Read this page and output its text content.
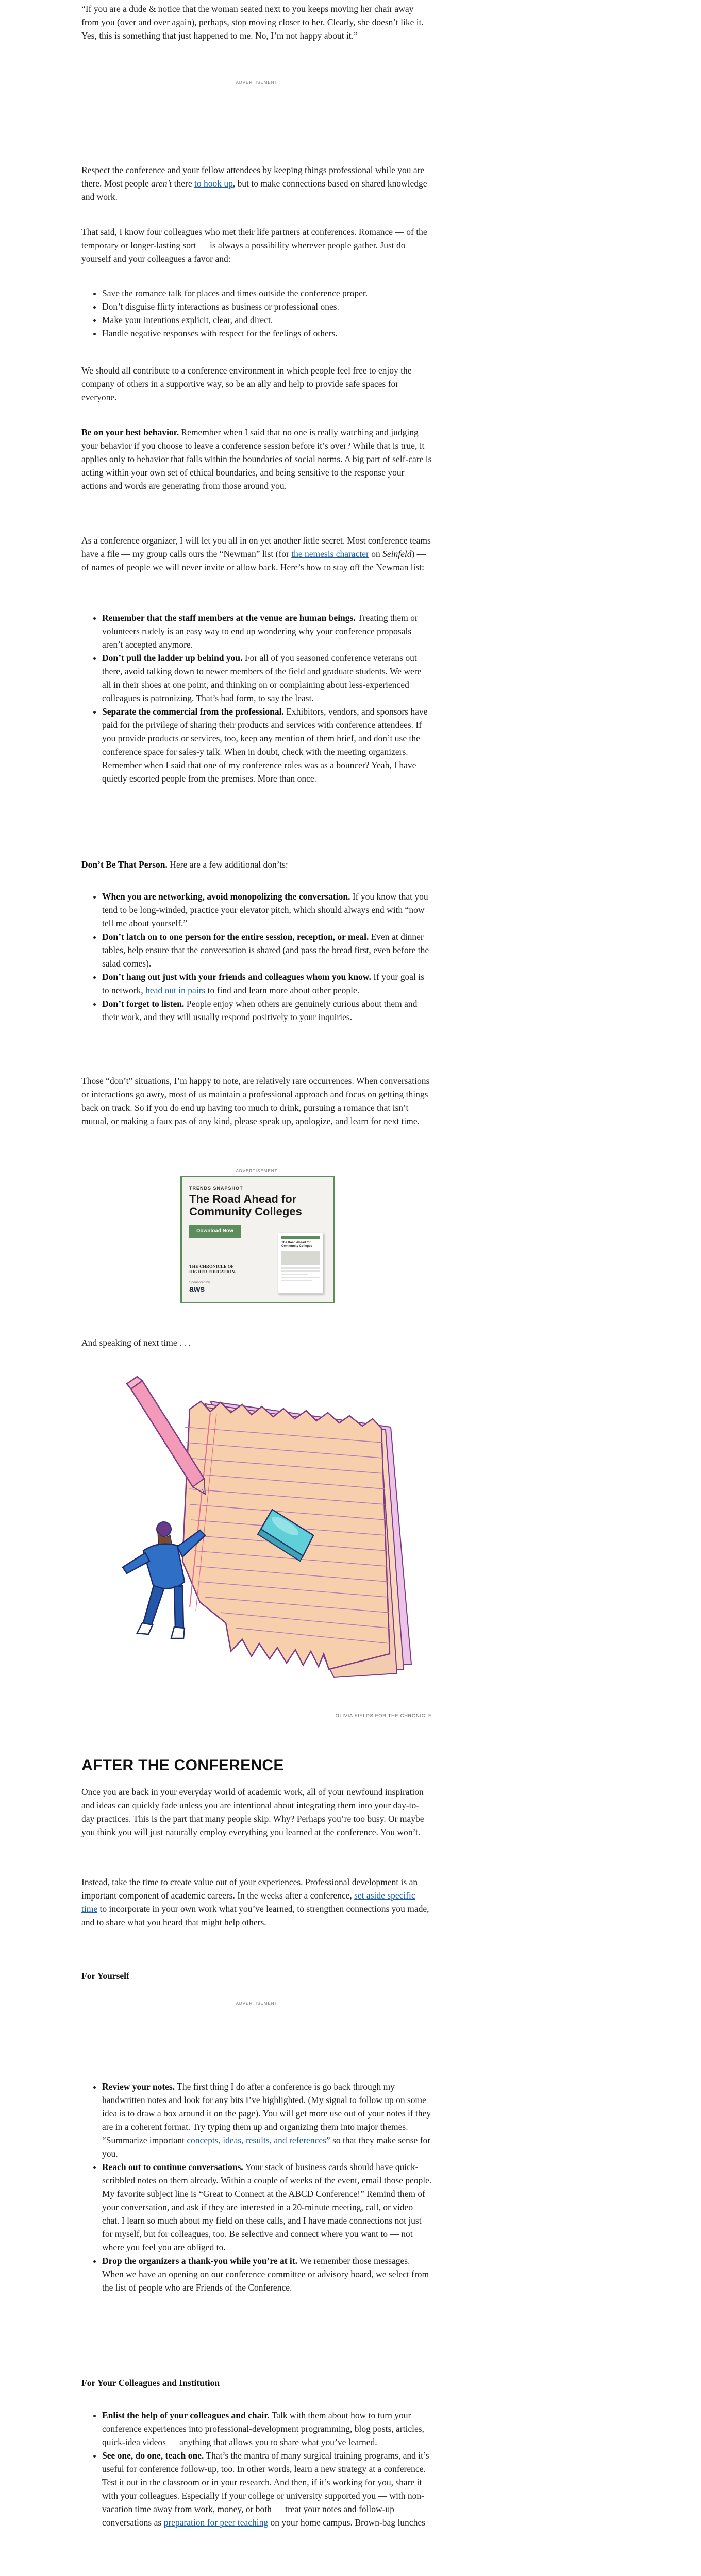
“If you are a dude & notice that the woman seated next to you keeps moving her chair away from you (over and over again), perhaps, stop moving closer to her. Clearly, she doesn’t like it. Yes, this is something that just happened to me. No, I’m not happy about it.”
ADVERTISEMENT
Respect the conference and your fellow attendees by keeping things professional while you are there. Most people aren’t there to hook up, but to make connections based on shared knowledge and work.
That said, I know four colleagues who met their life partners at conferences. Romance — of the temporary or longer-lasting sort — is always a possibility wherever people gather. Just do yourself and your colleagues a favor and:
• Save the romance talk for places and times outside the conference proper.
• Don’t disguise flirty interactions as business or professional ones.
• Make your intentions explicit, clear, and direct.
• Handle negative responses with respect for the feelings of others.
We should all contribute to a conference environment in which people feel free to enjoy the company of others in a supportive way, so be an ally and help to provide safe spaces for everyone.
Be on your best behavior. Remember when I said that no one is really watching and judging your behavior if you choose to leave a conference session before it’s over? While that is true, it applies only to behavior that falls within the boundaries of social norms. A big part of self-care is acting within your own set of ethical boundaries, and being sensitive to the response your actions and words are generating from those around you.
As a conference organizer, I will let you all in on yet another little secret. Most conference teams have a file — my group calls ours the “Newman” list (for the nemesis character on Seinfeld) — of names of people we will never invite or allow back. Here’s how to stay off the Newman list:
• Remember that the staff members at the venue are human beings. Treating them or volunteers rudely is an easy way to end up wondering why your conference proposals aren’t accepted anymore.
• Don’t pull the ladder up behind you. For all of you seasoned conference veterans out there, avoid talking down to newer members of the field and graduate students. We were all in their shoes at one point, and thinking on or complaining about less-experienced colleagues is patronizing. That’s bad form, to say the least.
• Separate the commercial from the professional. Exhibitors, vendors, and sponsors have paid for the privilege of sharing their products and services with conference attendees. If you provide products or services, too, keep any mention of them brief, and don’t use the conference space for sales-y talk. When in doubt, check with the meeting organizers. Remember when I said that one of my conference roles was as a bouncer? Yeah, I have quietly escorted people from the premises. More than once.
Don’t Be That Person. Here are a few additional don’ts:
• When you are networking, avoid monopolizing the conversation. If you know that you tend to be long-winded, practice your elevator pitch, which should always end with “now tell me about yourself.”
• Don’t latch on to one person for the entire session, reception, or meal. Even at dinner tables, help ensure that the conversation is shared (and pass the bread first, even before the salad comes).
• Don’t hang out just with your friends and colleagues whom you know. If your goal is to network, head out in pairs to find and learn more about other people.
• Don’t forget to listen. People enjoy when others are genuinely curious about them and their work, and they will usually respond positively to your inquiries.
Those “don’t” situations, I’m happy to note, are relatively rare occurrences. When conversations or interactions go awry, most of us maintain a professional approach and focus on getting things back on track. So if you do end up having too much to drink, pursuing a romance that isn’t mutual, or making a faux pas of any kind, please speak up, apologize, and learn for next time.
ADVERTISEMENT
TRENDS SNAPSHOT
The Road Ahead for Community Colleges
Download Now
THE CHRONICLE OF HIGHER EDUCATION.
Sponsored by
aws
The Road Ahead for Community Colleges
And speaking of next time . . .
OLIVIA FIELDS FOR THE CHRONICLE
AFTER THE CONFERENCE
Once you are back in your everyday world of academic work, all of your newfound inspiration and ideas can quickly fade unless you are intentional about integrating them into your day-to-day practices. This is the part that many people skip. Why? Perhaps you’re too busy. Or maybe you think you will just naturally employ everything you learned at the conference. You won’t.
Instead, take the time to create value out of your experiences. Professional development is an important component of academic careers. In the weeks after a conference, set aside specific time to incorporate in your own work what you’ve learned, to strengthen connections you made, and to share what you heard that might help others.
For Yourself
ADVERTISEMENT
• Review your notes. The first thing I do after a conference is go back through my handwritten notes and look for any bits I’ve highlighted. (My signal to follow up on some idea is to draw a box around it on the page). You will get more use out of your notes if they are in a coherent format. Try typing them up and organizing them into major themes. “Summarize important concepts, ideas, results, and references” so that they make sense for you.
• Reach out to continue conversations. Your stack of business cards should have quick-scribbled notes on them already. Within a couple of weeks of the event, email those people. My favorite subject line is “Great to Connect at the ABCD Conference!” Remind them of your conversation, and ask if they are interested in a 20-minute meeting, call, or video chat. I learn so much about my field on these calls, and I have made connections not just for myself, but for colleagues, too. Be selective and connect where you want to — not where you feel you are obliged to.
• Drop the organizers a thank-you while you’re at it. We remember those messages. When we have an opening on our conference committee or advisory board, we select from the list of people who are Friends of the Conference.
For Your Colleagues and Institution
• Enlist the help of your colleagues and chair. Talk with them about how to turn your conference experiences into professional-development programming, blog posts, articles, quick-idea videos — anything that allows you to share what you’ve learned.
• See one, do one, teach one. That’s the mantra of many surgical training programs, and it’s useful for conference follow-up, too. In other words, learn a new strategy at a conference. Test it out in the classroom or in your research. And then, if it’s working for you, share it with your colleagues. Especially if your college or university supported you — with non-vacation time away from work, money, or both — treat your notes and follow-up conversations as preparation for peer teaching on your home campus. Brown-bag lunches
